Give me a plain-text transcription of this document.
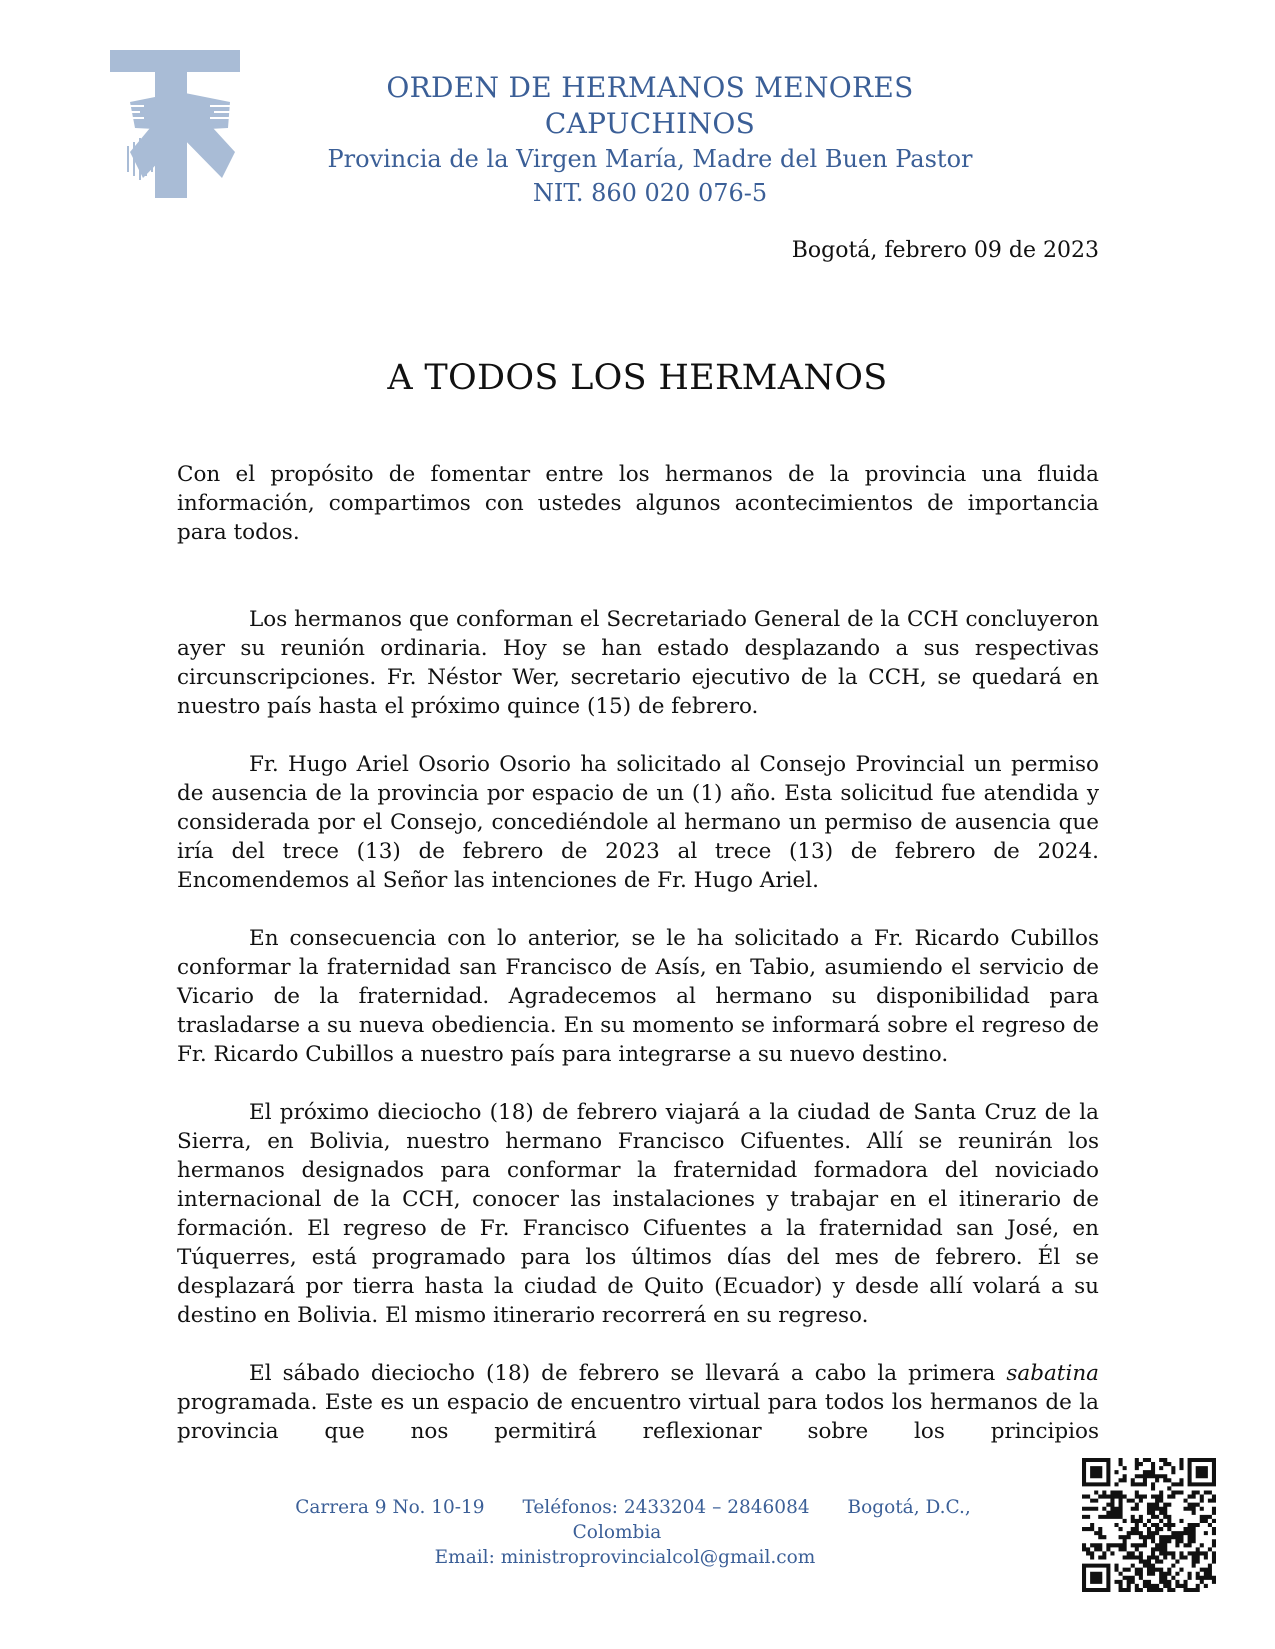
ORDEN DE HERMANOS MENORES CAPUCHINOS
Provincia de la Virgen María, Madre del Buen Pastor
NIT. 860 020 076-5
Bogotá, febrero 09 de 2023
A TODOS LOS HERMANOS

Con el propósito de fomentar entre los hermanos de la provincia una fluida información, compartimos con ustedes algunos acontecimientos de importancia para todos.

Los hermanos que conforman el Secretariado General de la CCH concluyeron ayer su reunión ordinaria. Hoy se han estado desplazando a sus respectivas circunscripciones. Fr. Néstor Wer, secretario ejecutivo de la CCH, se quedará en nuestro país hasta el próximo quince (15) de febrero.

Fr. Hugo Ariel Osorio Osorio ha solicitado al Consejo Provincial un permiso de ausencia de la provincia por espacio de un (1) año. Esta solicitud fue atendida y considerada por el Consejo, concediéndole al hermano un permiso de ausencia que iría del trece (13) de febrero de 2023 al trece (13) de febrero de 2024. Encomendemos al Señor las intenciones de Fr. Hugo Ariel.

En consecuencia con lo anterior, se le ha solicitado a Fr. Ricardo Cubillos conformar la fraternidad san Francisco de Asís, en Tabio, asumiendo el servicio de Vicario de la fraternidad. Agradecemos al hermano su disponibilidad para trasladarse a su nueva obediencia. En su momento se informará sobre el regreso de Fr. Ricardo Cubillos a nuestro país para integrarse a su nuevo destino.

El próximo dieciocho (18) de febrero viajará a la ciudad de Santa Cruz de la Sierra, en Bolivia, nuestro hermano Francisco Cifuentes. Allí se reunirán los hermanos designados para conformar la fraternidad formadora del noviciado internacional de la CCH, conocer las instalaciones y trabajar en el itinerario de formación. El regreso de Fr. Francisco Cifuentes a la fraternidad san José, en Túquerres, está programado para los últimos días del mes de febrero. Él se desplazará por tierra hasta la ciudad de Quito (Ecuador) y desde allí volará a su destino en Bolivia. El mismo itinerario recorrerá en su regreso.

El sábado dieciocho (18) de febrero se llevará a cabo la primera sabatina programada. Este es un espacio de encuentro virtual para todos los hermanos de la provincia que nos permitirá reflexionar sobre los principios

Carrera 9 No. 10-19 Teléfonos: 2433204 – 2846084 Bogotá, D.C., Colombia
Email: ministroprovincialcol@gmail.com
